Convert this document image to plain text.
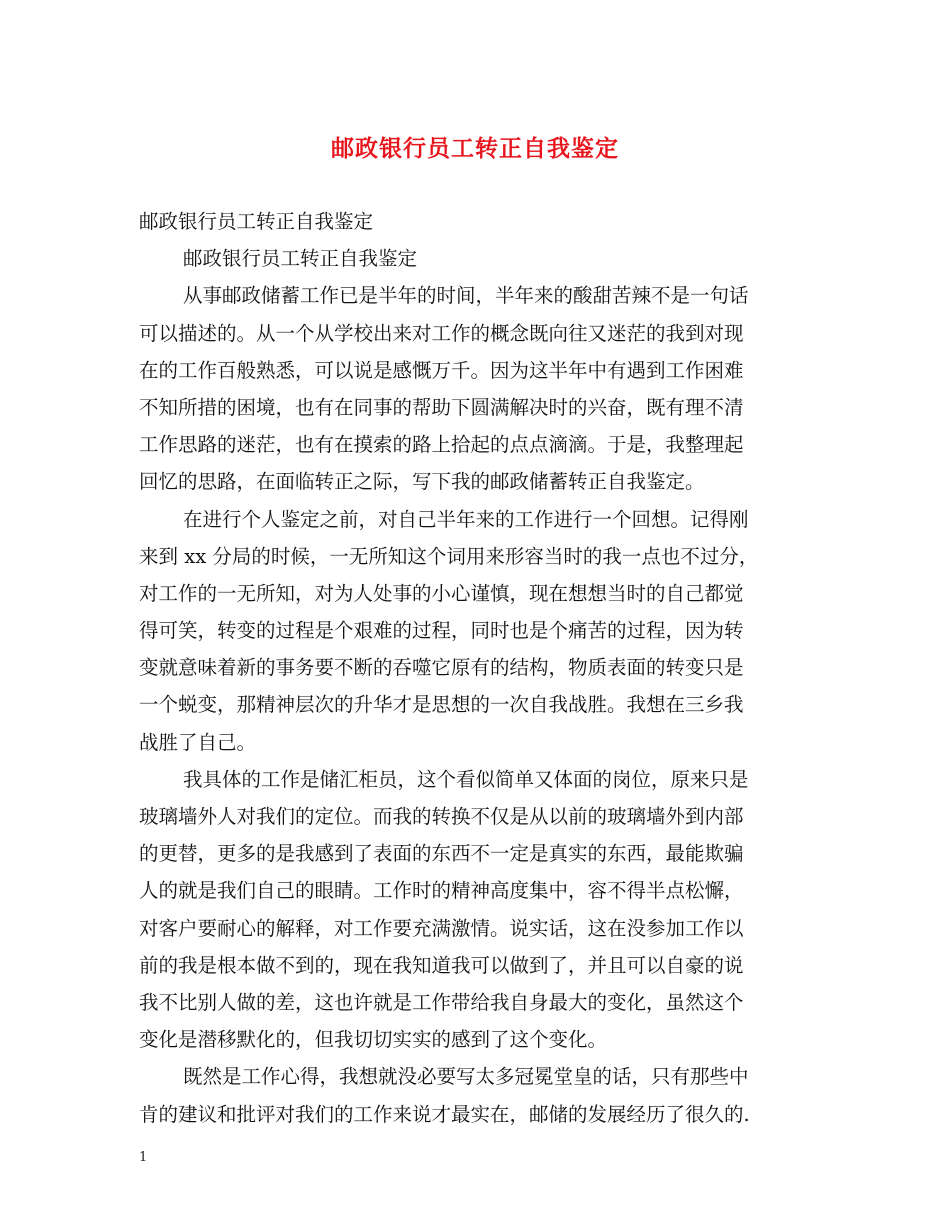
邮政银行员工转正自我鉴定
邮政银行员工转正自我鉴定
邮政银行员工转正自我鉴定
从事邮政储蓄工作已是半年的时间，半年来的酸甜苦辣不是一句话
可以描述的。从一个从学校出来对工作的概念既向往又迷茫的我到对现
在的工作百般熟悉，可以说是感慨万千。因为这半年中有遇到工作困难
不知所措的困境，也有在同事的帮助下圆满解决时的兴奋，既有理不清
工作思路的迷茫，也有在摸索的路上拾起的点点滴滴。于是，我整理起
回忆的思路，在面临转正之际，写下我的邮政储蓄转正自我鉴定。
在进行个人鉴定之前，对自己半年来的工作进行一个回想。记得刚
来到 xx 分局的时候，一无所知这个词用来形容当时的我一点也不过分，
对工作的一无所知，对为人处事的小心谨慎，现在想想当时的自己都觉
得可笑，转变的过程是个艰难的过程，同时也是个痛苦的过程，因为转
变就意味着新的事务要不断的吞噬它原有的结构，物质表面的转变只是
一个蜕变，那精神层次的升华才是思想的一次自我战胜。我想在三乡我
战胜了自己。
我具体的工作是储汇柜员，这个看似简单又体面的岗位，原来只是
玻璃墙外人对我们的定位。而我的转换不仅是从以前的玻璃墙外到内部
的更替，更多的是我感到了表面的东西不一定是真实的东西，最能欺骗
人的就是我们自己的眼睛。工作时的精神高度集中，容不得半点松懈，
对客户要耐心的解释，对工作要充满激情。说实话，这在没参加工作以
前的我是根本做不到的，现在我知道我可以做到了，并且可以自豪的说
我不比别人做的差，这也许就是工作带给我自身最大的变化，虽然这个
变化是潜移默化的，但我切切实实的感到了这个变化。
既然是工作心得，我想就没必要写太多冠冕堂皇的话，只有那些中
肯的建议和批评对我们的工作来说才最实在，邮储的发展经历了很久的.
1
